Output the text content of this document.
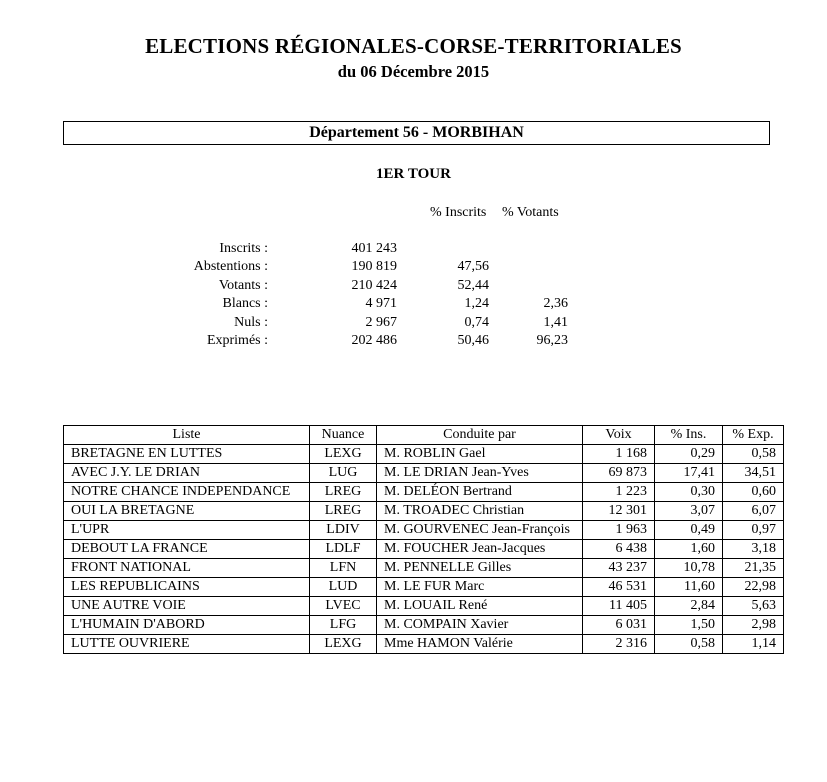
ELECTIONS RÉGIONALES-CORSE-TERRITORIALES
du 06 Décembre 2015
Département 56 - MORBIHAN
1ER TOUR
% Inscrits % Votants
Inscrits :	401 243
Abstentions :	190 819	47,56
Votants :	210 424	52,44
Blancs :	4 971	1,24	2,36
Nuls :	2 967	0,74	1,41
Exprimés :	202 486	50,46	96,23
Liste	Nuance	Conduite par	Voix	% Ins.	% Exp.
BRETAGNE EN LUTTES	LEXG	M. ROBLIN Gael	1 168	0,29	0,58
AVEC J.Y. LE DRIAN	LUG	M. LE DRIAN Jean-Yves	69 873	17,41	34,51
NOTRE CHANCE INDEPENDANCE	LREG	M. DELÉON Bertrand	1 223	0,30	0,60
OUI LA BRETAGNE	LREG	M. TROADEC Christian	12 301	3,07	6,07
L'UPR	LDIV	M. GOURVENEC Jean-François	1 963	0,49	0,97
DEBOUT LA FRANCE	LDLF	M. FOUCHER Jean-Jacques	6 438	1,60	3,18
FRONT NATIONAL	LFN	M. PENNELLE Gilles	43 237	10,78	21,35
LES REPUBLICAINS	LUD	M. LE FUR Marc	46 531	11,60	22,98
UNE AUTRE VOIE	LVEC	M. LOUAIL René	11 405	2,84	5,63
L'HUMAIN D'ABORD	LFG	M. COMPAIN Xavier	6 031	1,50	2,98
LUTTE OUVRIERE	LEXG	Mme HAMON Valérie	2 316	0,58	1,14
